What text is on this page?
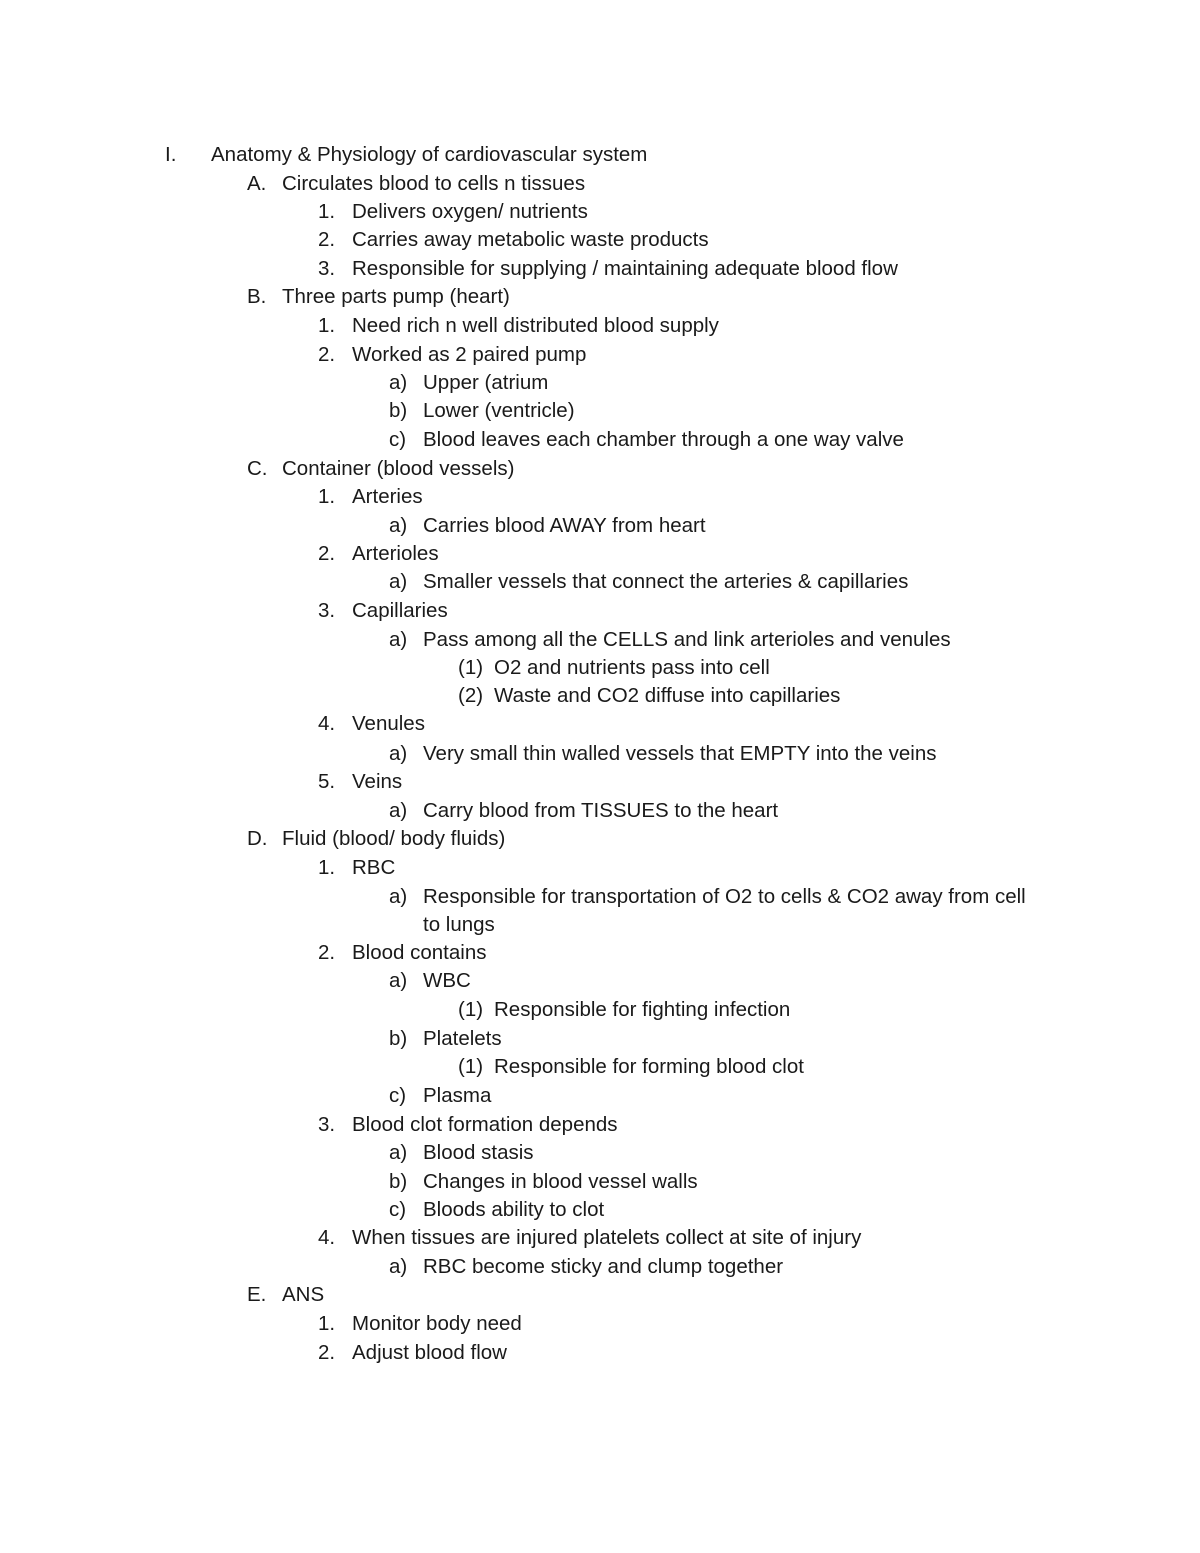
I. Anatomy & Physiology of cardiovascular system
A. Circulates blood to cells n tissues
1. Delivers oxygen/ nutrients
2. Carries away metabolic waste products
3. Responsible for supplying / maintaining adequate blood flow
B. Three parts pump (heart)
1. Need rich n well distributed blood supply
2. Worked as 2 paired pump
a) Upper (atrium
b) Lower (ventricle)
c) Blood leaves each chamber through a one way valve
C. Container (blood vessels)
1. Arteries
a) Carries blood AWAY from heart
2. Arterioles
a) Smaller vessels that connect the arteries & capillaries
3. Capillaries
a) Pass among all the CELLS and link arterioles and venules
(1) O2 and nutrients pass into cell
(2) Waste and CO2 diffuse into capillaries
4. Venules
a) Very small thin walled vessels that EMPTY into the veins
5. Veins
a) Carry blood from TISSUES to the heart
D. Fluid (blood/ body fluids)
1. RBC
a) Responsible for transportation of O2 to cells & CO2 away from cell
to lungs
2. Blood contains
a) WBC
(1) Responsible for fighting infection
b) Platelets
(1) Responsible for forming blood clot
c) Plasma
3. Blood clot formation depends
a) Blood stasis
b) Changes in blood vessel walls
c) Bloods ability to clot
4. When tissues are injured platelets collect at site of injury
a) RBC become sticky and clump together
E. ANS
1. Monitor body need
2. Adjust blood flow
